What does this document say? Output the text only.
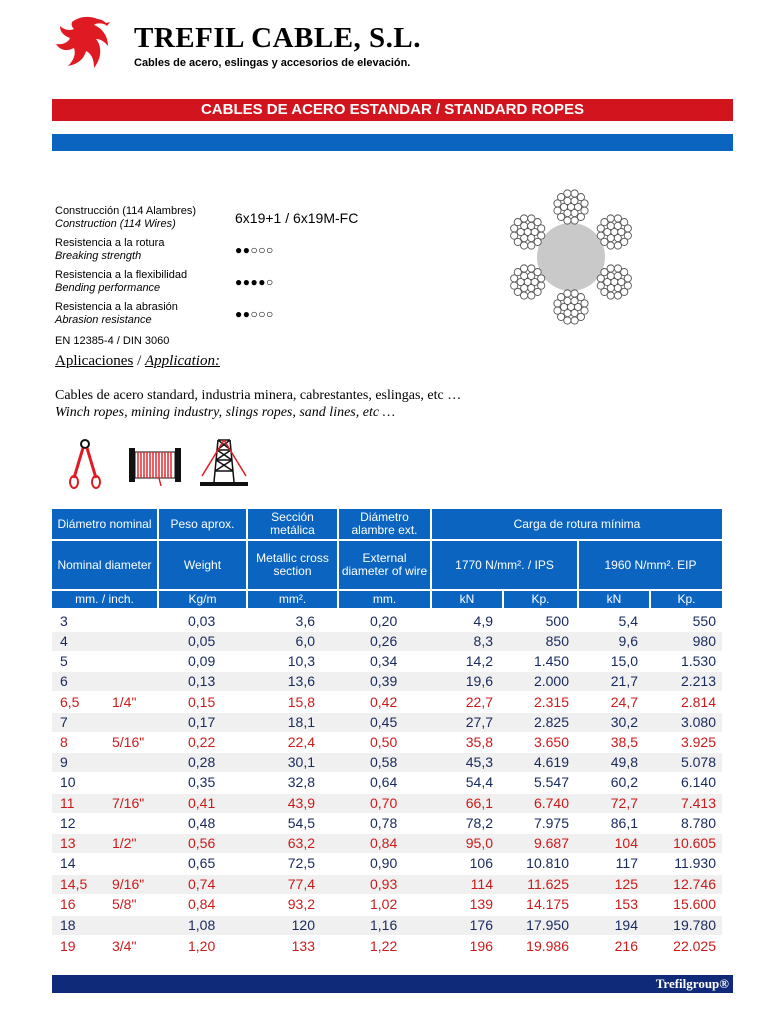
TREFIL CABLE, S.L.
Cables de acero, eslingas y accesorios de elevación.
CABLES DE ACERO ESTANDAR / STANDARD ROPES
Construcción (114 Alambres)
Construction (114 Wires)	6x19+1 / 6x19M-FC
Resistencia a la rotura
Breaking strength	●●○○○
Resistencia a la flexibilidad
Bending performance	●●●●○
Resistencia a la abrasión
Abrasion resistance	●●○○○
EN 12385-4 / DIN 3060
Aplicaciones / Application:
Cables de acero standard, industria minera, cabrestantes, eslingas, etc …
Winch ropes, mining industry, slings ropes, sand lines, etc …
Diámetro nominal	Peso aprox.	Sección metálica
Diámetro alambre ext.	Carga de rotura mínima
Nominal diameter	Weight	Metallic cross section
External diameter of wire	1770 N/mm². / IPS	1960 N/mm². EIP
mm. / inch.	Kg/m	mm².	mm.	kN	Kp.	kN	Kp.
3	0,03	3,6	0,20	4,9	500	5,4	550
4	0,05	6,0	0,26	8,3	850	9,6	980
5	0,09	10,3	0,34	14,2	1.450	15,0	1.530
6	0,13	13,6	0,39	19,6	2.000	21,7	2.213
6,5	1/4"	0,15	15,8	0,42	22,7	2.315	24,7	2.814
7	0,17	18,1	0,45	27,7	2.825	30,2	3.080
8	5/16"	0,22	22,4	0,50	35,8	3.650	38,5	3.925
9	0,28	30,1	0,58	45,3	4.619	49,8	5.078
10	0,35	32,8	0,64	54,4	5.547	60,2	6.140
11	7/16"	0,41	43,9	0,70	66,1	6.740	72,7	7.413
12	0,48	54,5	0,78	78,2	7.975	86,1	8.780
13	1/2"	0,56	63,2	0,84	95,0	9.687	104	10.605
14	0,65	72,5	0,90	106	10.810	117	11.930
14,5	9/16"	0,74	77,4	0,93	114	11.625	125	12.746
16	5/8"	0,84	93,2	1,02	139	14.175	153	15.600
18	1,08	120	1,16	176	17.950	194	19.780
19	3/4"	1,20	133	1,22	196	19.986	216	22.025
Trefilgroup®
